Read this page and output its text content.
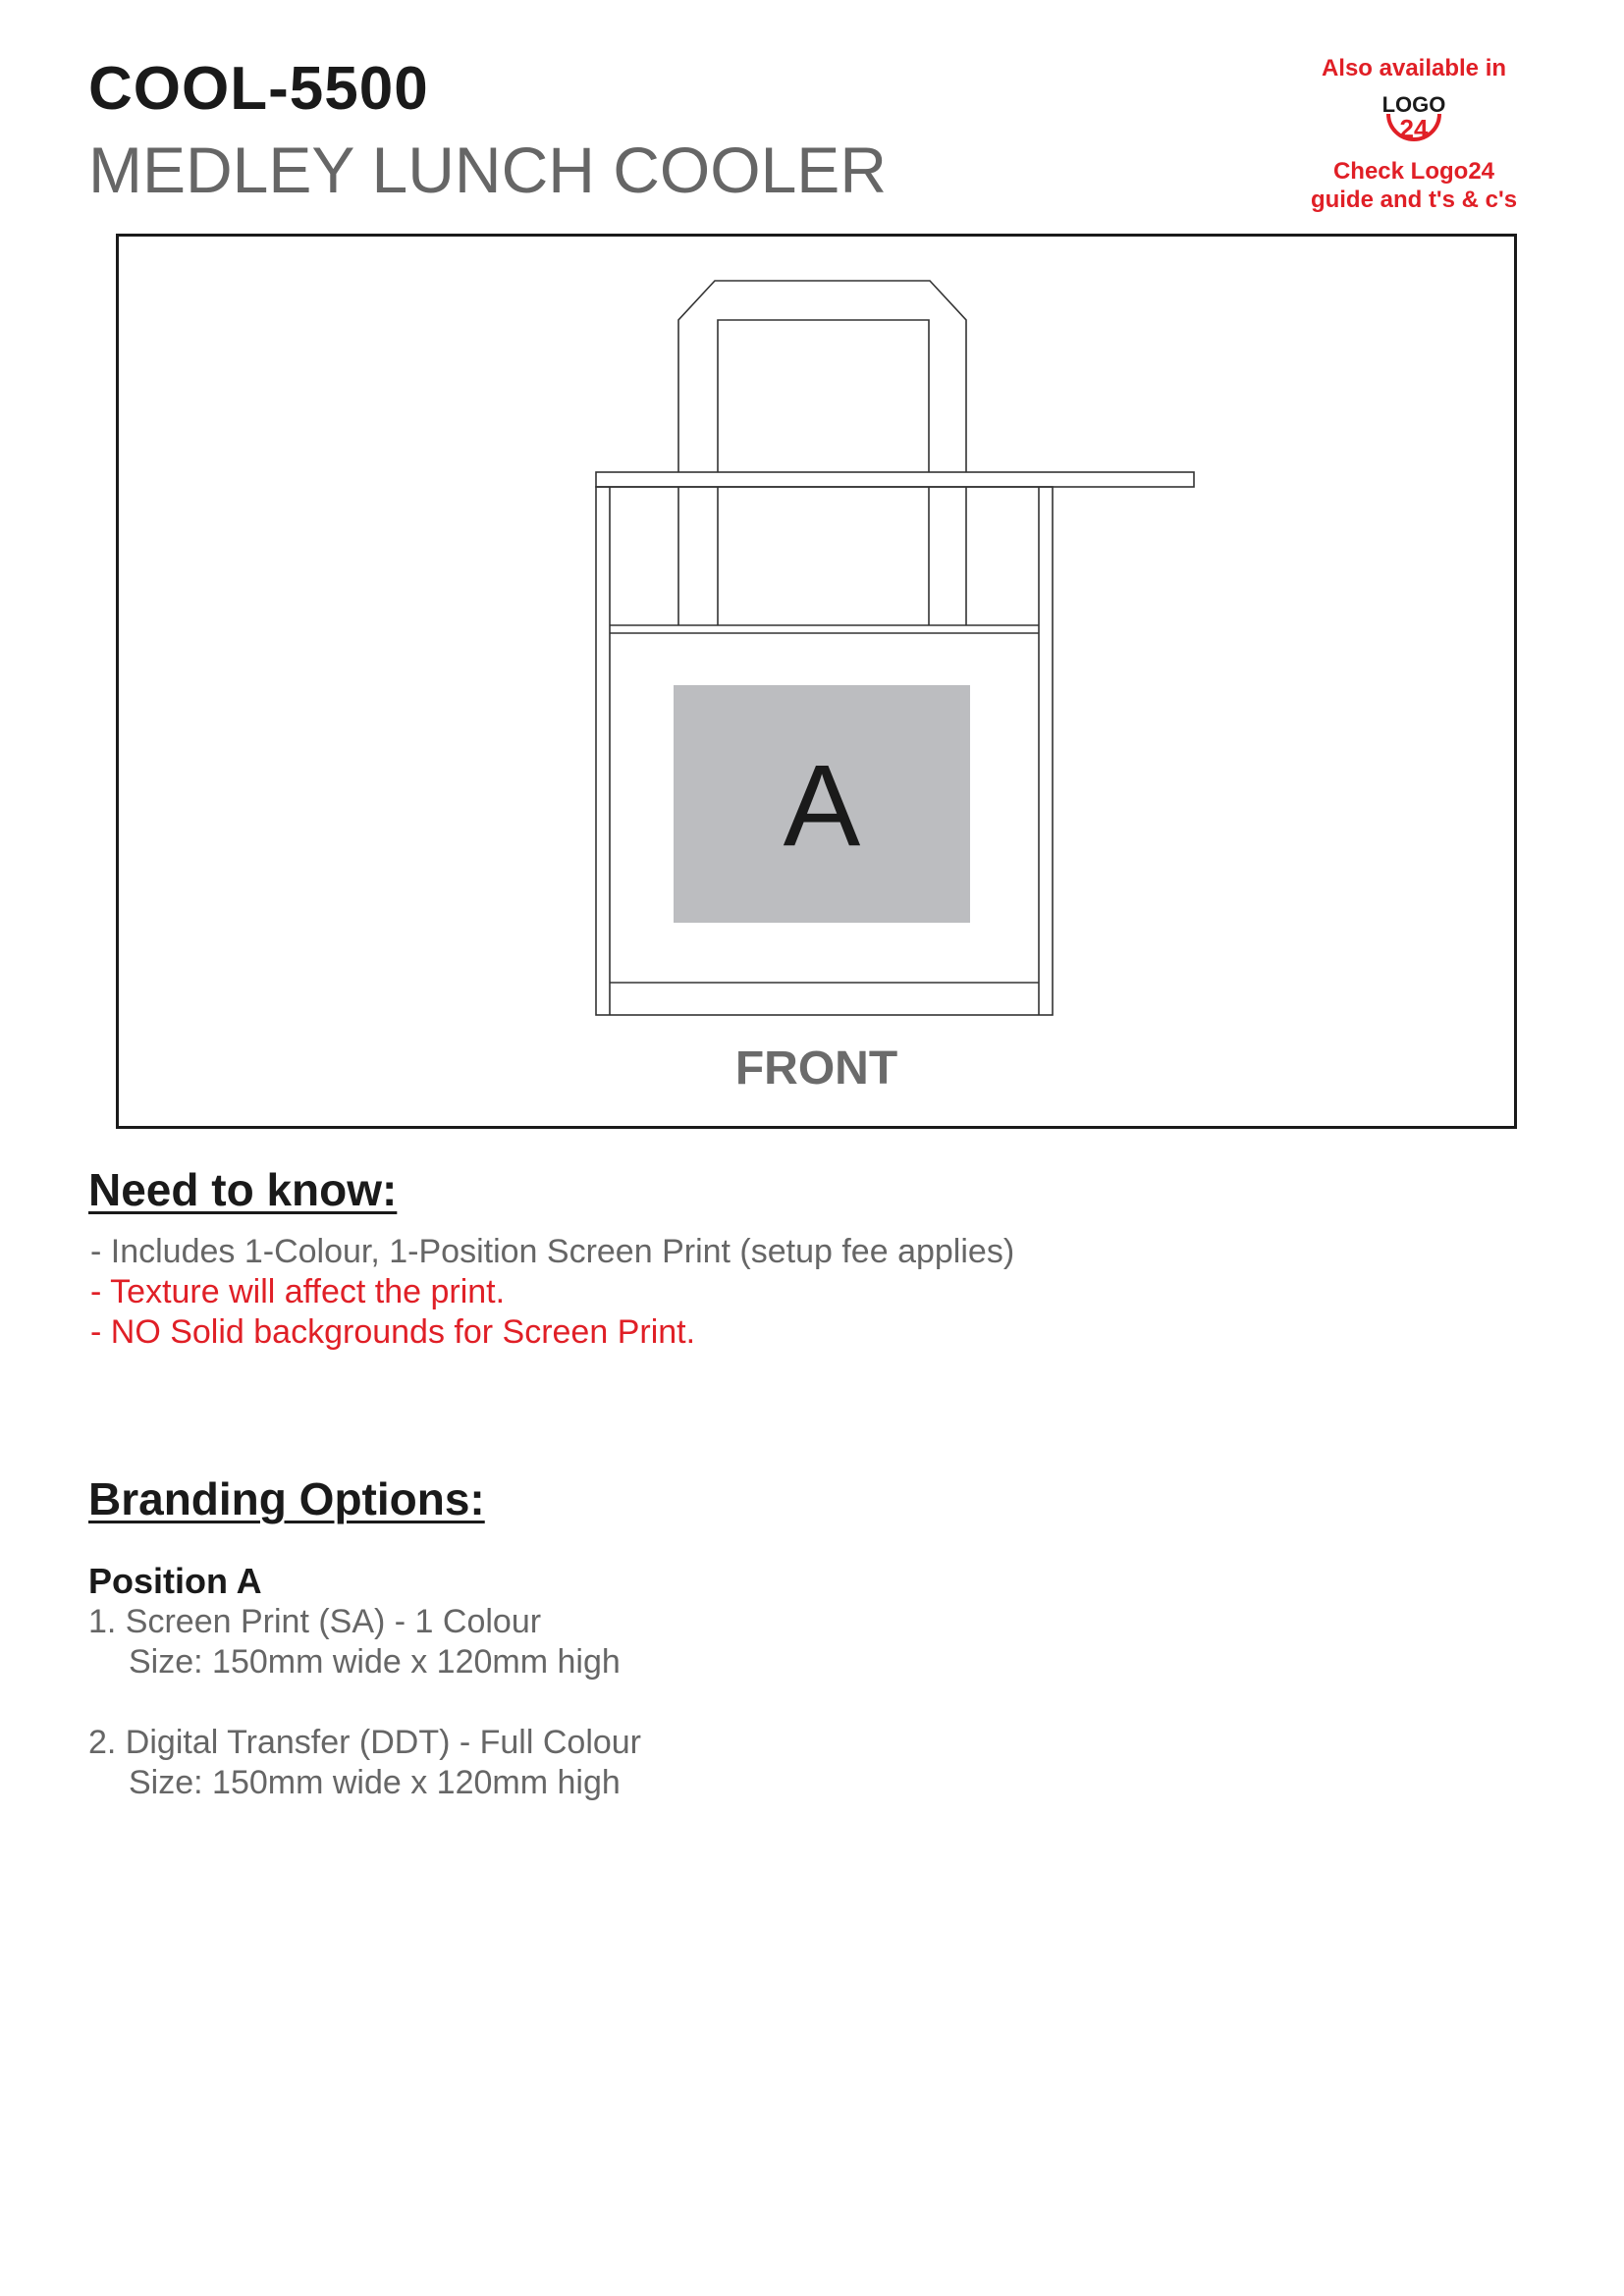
COOL-5500
MEDLEY LUNCH COOLER
Also available in
LOGO
24
Check Logo24
guide and t's & c's
A
FRONT
Need to know:
- Includes 1-Colour, 1-Position Screen Print (setup fee applies)
- Texture will affect the print.
- NO Solid backgrounds for Screen Print.
Branding Options:
Position A
1. Screen Print (SA) - 1 Colour
Size: 150mm wide x 120mm high
2. Digital Transfer (DDT) - Full Colour
Size: 150mm wide x 120mm high
